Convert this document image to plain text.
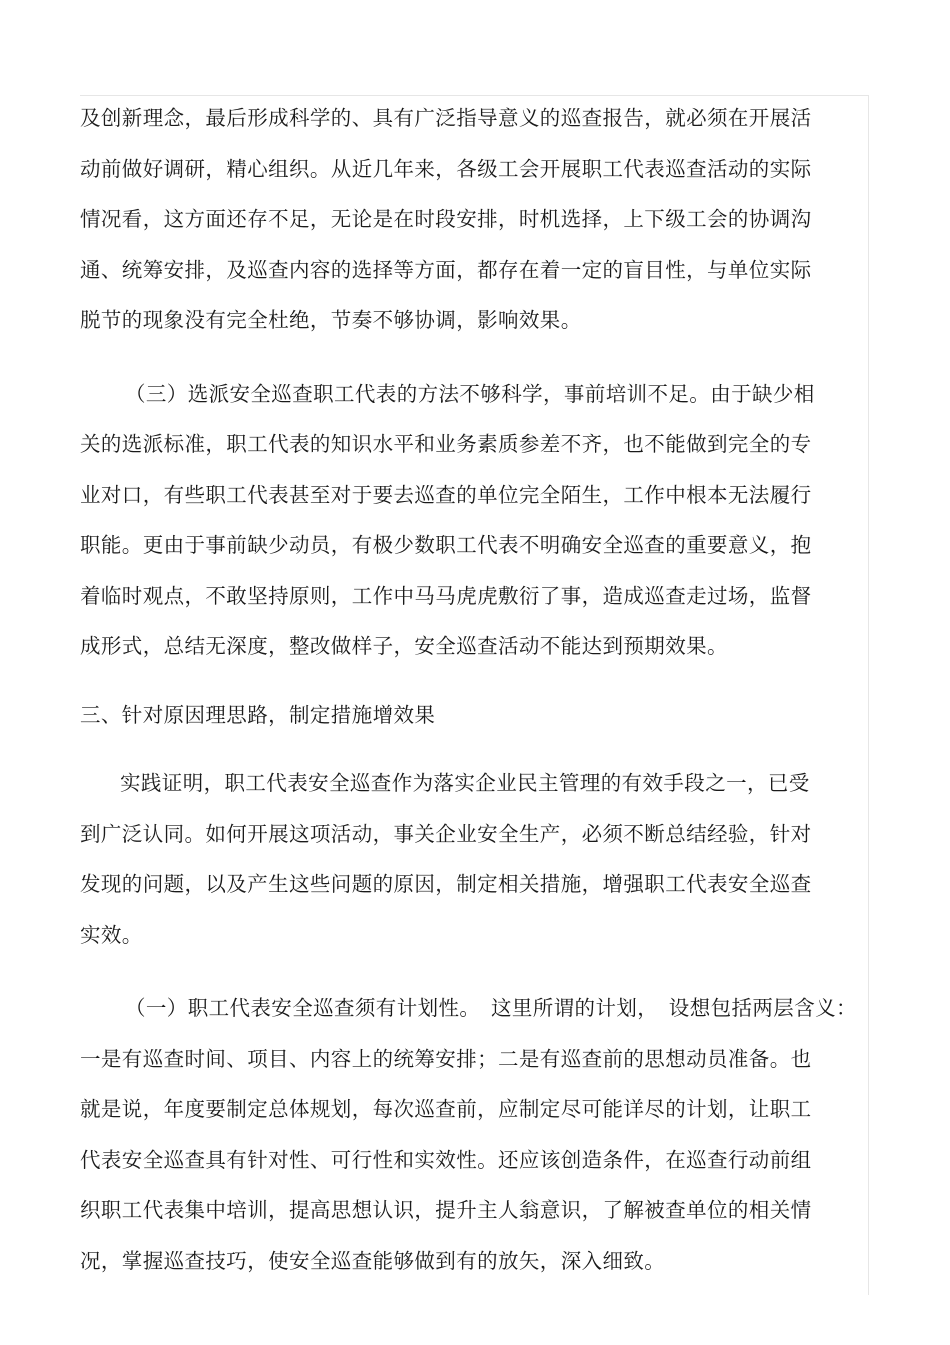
及创新理念，最后形成科学的、具有广泛指导意义的巡查报告，就必须在开展活
动前做好调研，精心组织。从近几年来，各级工会开展职工代表巡查活动的实际
情况看，这方面还存不足，无论是在时段安排，时机选择，上下级工会的协调沟
通、统筹安排，及巡查内容的选择等方面，都存在着一定的盲目性，与单位实际
脱节的现象没有完全杜绝，节奏不够协调，影响效果。
（三）选派安全巡查职工代表的方法不够科学，事前培训不足。由于缺少相
关的选派标准，职工代表的知识水平和业务素质参差不齐，也不能做到完全的专
业对口，有些职工代表甚至对于要去巡查的单位完全陌生，工作中根本无法履行
职能。更由于事前缺少动员，有极少数职工代表不明确安全巡查的重要意义，抱
着临时观点，不敢坚持原则，工作中马马虎虎敷衍了事，造成巡查走过场，监督
成形式，总结无深度，整改做样子，安全巡查活动不能达到预期效果。
三、针对原因理思路，制定措施增效果
实践证明，职工代表安全巡查作为落实企业民主管理的有效手段之一，已受
到广泛认同。如何开展这项活动，事关企业安全生产，必须不断总结经验，针对
发现的问题，以及产生这些问题的原因，制定相关措施，增强职工代表安全巡查
实效。
（一）职工代表安全巡查须有计划性。　这里所谓的计划，　设想包括两层含义：
一是有巡查时间、项目、内容上的统筹安排；二是有巡查前的思想动员准备。也
就是说，年度要制定总体规划，每次巡查前，应制定尽可能详尽的计划，让职工
代表安全巡查具有针对性、可行性和实效性。还应该创造条件，在巡查行动前组
织职工代表集中培训，提高思想认识，提升主人翁意识，了解被查单位的相关情
况，掌握巡查技巧，使安全巡查能够做到有的放矢，深入细致。
